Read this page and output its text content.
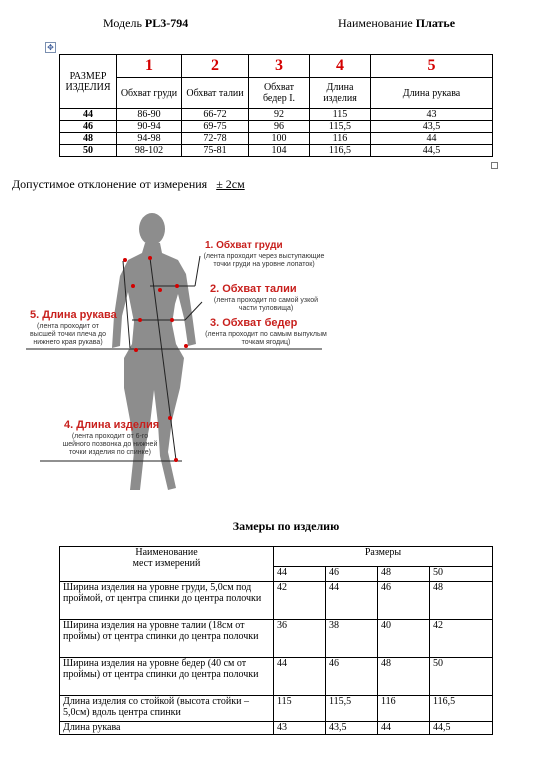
Модель PL3-794	Наименование Платье
✥
РАЗМЕР ИЗДЕЛИЯ	1	2	3	4	5
	Обхват груди	Обхват талии	Обхват бедер I.	Длина изделия	Длина рукава
44	86-90	66-72	92	115	43
46	90-94	69-75	96	115,5	43,5
48	94-98	72-78	100	116	44
50	98-102	75-81	104	116,5	44,5
Допустимое отклонение от измерения ± 2см
1. Обхват груди
(лента проходит через выступающие
точки груди на уровне лопаток)
2. Обхват талии
(лента проходит по самой узкой
части туловища)
3. Обхват бедер
(лента проходит по самым выпуклым
точкам ягодиц)
5. Длина рукава
(лента проходит от
высшей точки плеча до
нижнего края рукава)
4. Длина изделия
(лента проходит от 6-го
шейного позвонка до нижней
точки изделия по спинке)
Замеры по изделию
Наименование
мест измерений	Размеры			
	44	46	48	50
Ширина изделия на уровне груди, 5,0см под проймой, от центра спинки до центра полочки	42	44	46	48
Ширина изделия на уровне талии (18см от проймы) от центра спинки до центра полочки	36	38	40	42
Ширина изделия на уровне бедер (40 см от проймы) от центра спинки до центра полочки	44	46	48	50
Длина изделия со стойкой (высота стойки – 5,0см) вдоль центра спинки	115	115,5	116	116,5
Длина рукава	43	43,5	44	44,5
